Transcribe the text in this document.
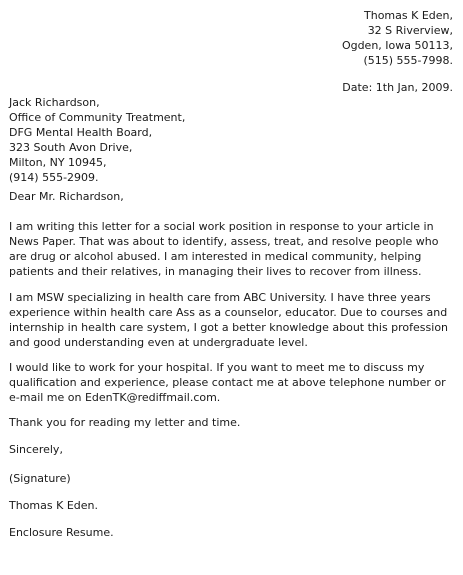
Thomas K Eden,
32 S Riverview,
Ogden, Iowa 50113,
(515) 555-7998.
Date: 1th Jan, 2009.
Jack Richardson,
Office of Community Treatment,
DFG Mental Health Board,
323 South Avon Drive,
Milton, NY 10945,
(914) 555-2909.
Dear Mr. Richardson,
I am writing this letter for a social work position in response to your article in
News Paper. That was about to identify, assess, treat, and resolve people who
are drug or alcohol abused. I am interested in medical community, helping
patients and their relatives, in managing their lives to recover from illness.
I am MSW specializing in health care from ABC University. I have three years
experience within health care Ass as a counselor, educator. Due to courses and
internship in health care system, I got a better knowledge about this profession
and good understanding even at undergraduate level.
I would like to work for your hospital. If you want to meet me to discuss my
qualification and experience, please contact me at above telephone number or
e-mail me on EdenTK@rediffmail.com.
Thank you for reading my letter and time.
Sincerely,
(Signature)
Thomas K Eden.
Enclosure Resume.
